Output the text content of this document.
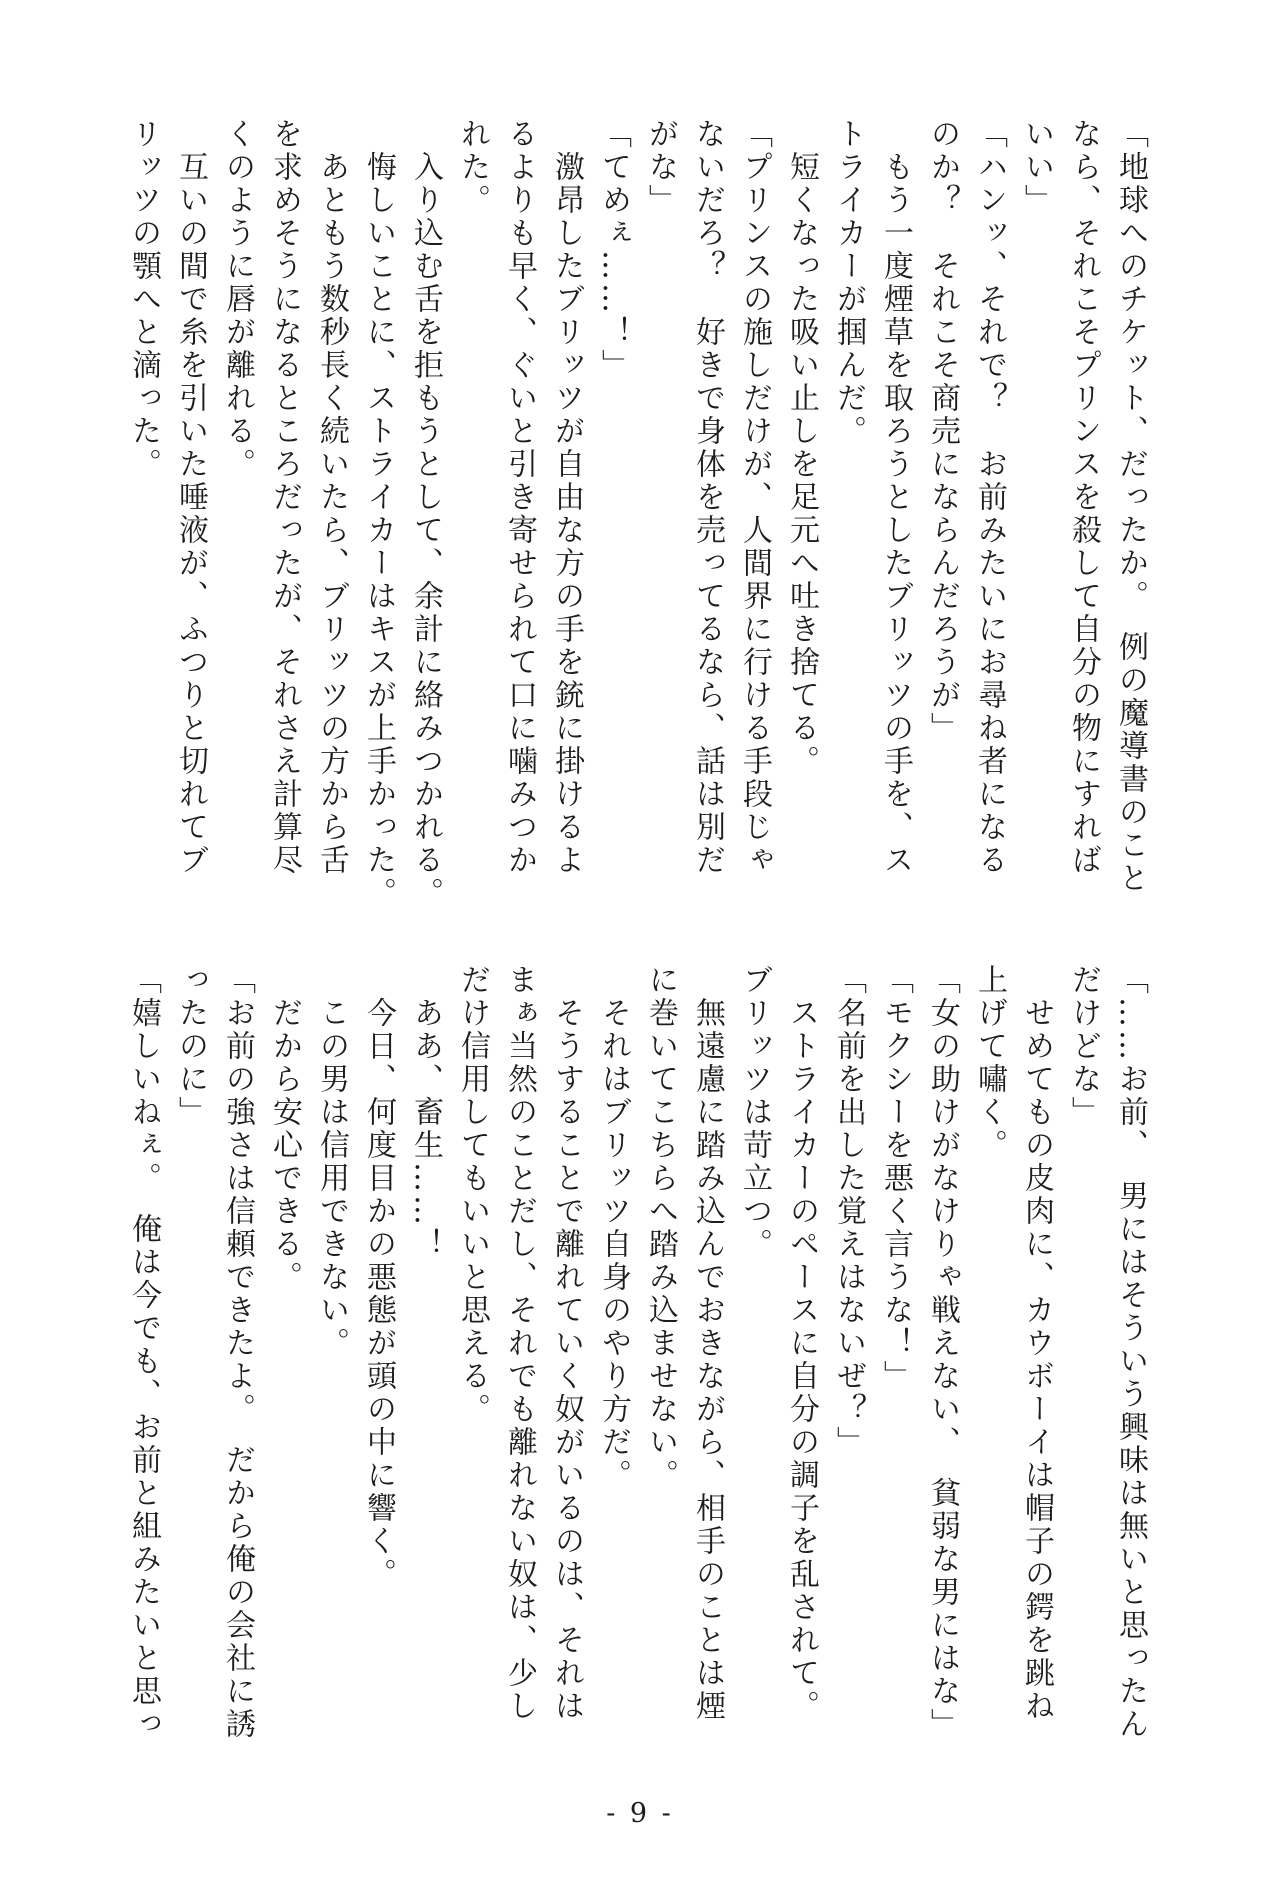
「地球へのチケット、だったか。　例の魔導書のこと
なら、それこそプリンスを殺して自分の物にすれば
いい」
「ハンッ、それで？　お前みたいにお尋ね者になる
のか？　それこそ商売にならんだろうが」
　もう一度煙草を取ろうとしたブリッツの手を、ス
トライカーが掴んだ。
　短くなった吸い止しを足元へ吐き捨てる。
「プリンスの施しだけが、人間界に行ける手段じゃ
ないだろ？　好きで身体を売ってるなら、話は別だ
がな」
「てめぇ……！」
　激昂したブリッツが自由な方の手を銃に掛けるよ
るよりも早く、ぐいと引き寄せられて口に噛みつか
れた。
　入り込む舌を拒もうとして、余計に絡みつかれる。
　悔しいことに、ストライカーはキスが上手かった。
　あともう数秒長く続いたら、ブリッツの方から舌
を求めそうになるところだったが、それさえ計算尽
くのように唇が離れる。
　互いの間で糸を引いた唾液が、ふつりと切れてブ
リッツの顎へと滴った。
「……お前、　男にはそういう興味は無いと思ったん
だけどな」
　せめてもの皮肉に、カウボーイは帽子の鍔を跳ね
上げて嘯く。
「女の助けがなけりゃ戦えない、　貧弱な男にはな」
「モクシーを悪く言うな！」
「名前を出した覚えはないぜ？」
　ストライカーのペースに自分の調子を乱されて。
ブリッツは苛立つ。
　無遠慮に踏み込んでおきながら、相手のことは煙
に巻いてこちらへ踏み込ませない。
　それはブリッツ自身のやり方だ。
　そうすることで離れていく奴がいるのは、それは
まぁ当然のことだし、それでも離れない奴は、少し
だけ信用してもいいと思える。
　ああ、畜生……！
　今日、何度目かの悪態が頭の中に響く。
　この男は信用できない。
　だから安心できる。
「お前の強さは信頼できたよ。　だから俺の会社に誘
ったのに」
「嬉しいねぇ。　俺は今でも、お前と組みたいと思っ
- 9 -
